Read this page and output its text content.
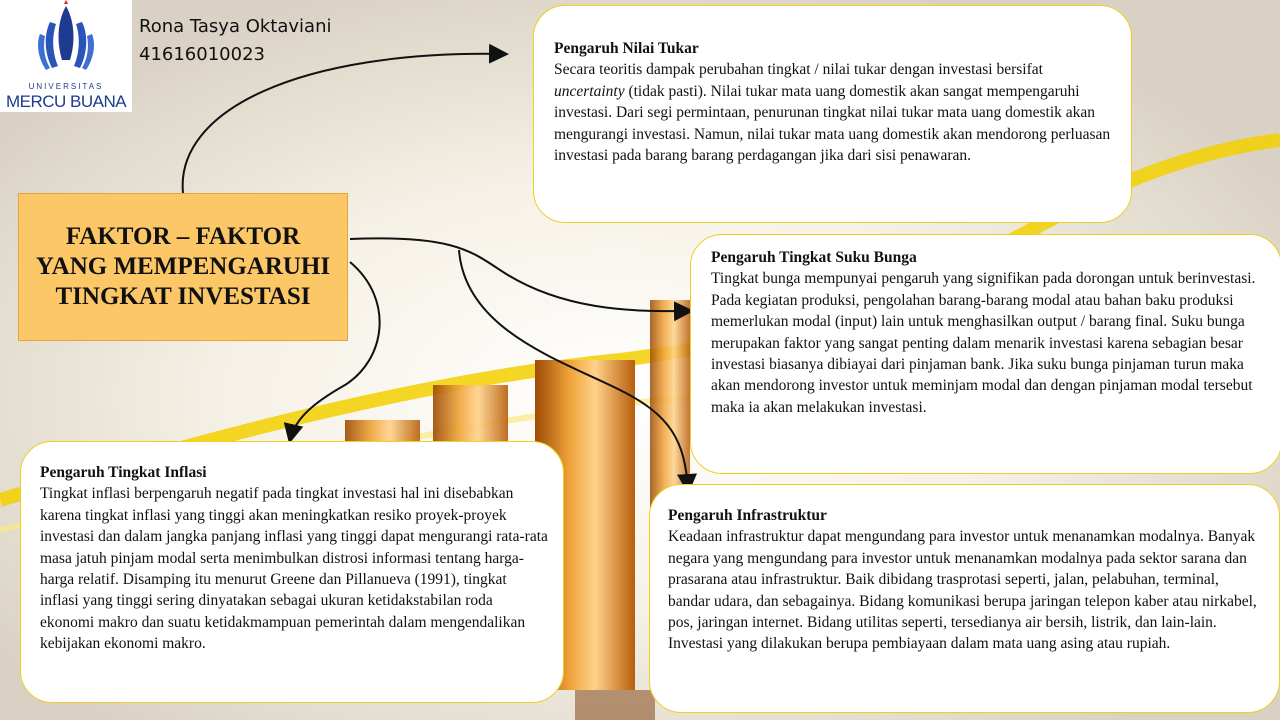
UNIVERSITAS
MERCU BUANA
Rona Tasya Oktaviani
41616010023
FAKTOR – FAKTOR YANG MEMPENGARUHI TINGKAT INVESTASI
Pengaruh Nilai Tukar

Secara teoritis dampak perubahan tingkat / nilai tukar dengan investasi bersifat uncertainty (tidak pasti). Nilai tukar mata uang domestik akan sangat mempengaruhi investasi. Dari segi permintaan, penurunan tingkat nilai tukar mata uang domestik akan mengurangi investasi. Namun, nilai tukar mata uang domestik akan mendorong perluasan investasi pada barang barang perdagangan jika dari sisi penawaran.

Pengaruh Tingkat Suku Bunga

Tingkat bunga mempunyai pengaruh yang signifikan pada dorongan untuk berinvestasi. Pada kegiatan produksi, pengolahan barang-barang modal atau bahan baku produksi memerlukan modal (input) lain untuk menghasilkan output / barang final. Suku bunga merupakan faktor yang sangat penting dalam menarik investasi karena sebagian besar investasi biasanya dibiayai dari pinjaman bank. Jika suku bunga pinjaman turun maka akan mendorong investor untuk meminjam modal dan dengan pinjaman modal tersebut maka ia akan melakukan investasi.

Pengaruh Tingkat Inflasi

Tingkat inflasi berpengaruh negatif pada tingkat investasi hal ini disebabkan karena tingkat inflasi yang tinggi akan meningkatkan resiko proyek-proyek investasi dan dalam jangka panjang inflasi yang tinggi dapat mengurangi rata-rata masa jatuh pinjam modal serta menimbulkan distrosi informasi tentang harga-harga relatif. Disamping itu menurut Greene dan Pillanueva (1991), tingkat inflasi yang tinggi sering dinyatakan sebagai ukuran ketidakstabilan roda ekonomi makro dan suatu ketidakmampuan pemerintah dalam mengendalikan kebijakan ekonomi makro.

Pengaruh Infrastruktur

Keadaan infrastruktur dapat mengundang para investor untuk menanamkan modalnya. Banyak negara yang mengundang para investor untuk menanamkan modalnya pada sektor sarana dan prasarana atau infrastruktur. Baik dibidang trasprotasi seperti, jalan, pelabuhan, terminal, bandar udara, dan sebagainya. Bidang komunikasi berupa jaringan telepon kaber atau nirkabel, pos, jaringan internet. Bidang utilitas seperti, tersedianya air bersih, listrik, dan lain-lain. Investasi yang dilakukan berupa pembiayaan dalam mata uang asing atau rupiah.
